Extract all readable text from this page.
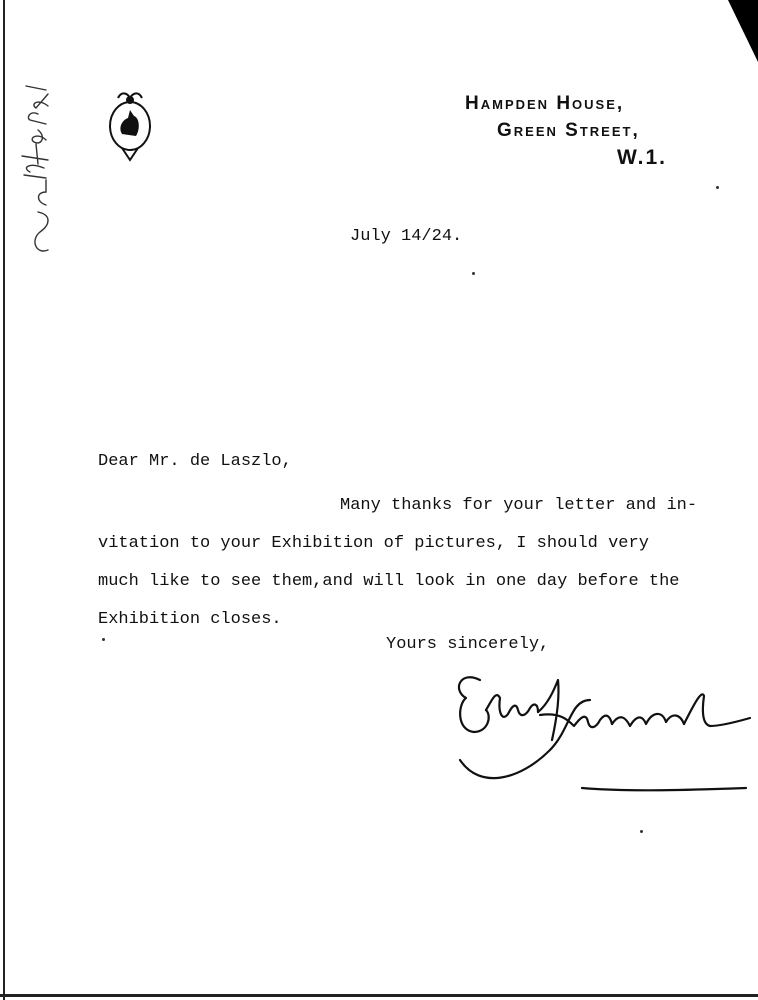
Hampden House,
Green Street,
W.1.
July 14/24.
Dear Mr. de Laszlo,
Many thanks for your letter and in-
vitation to your Exhibition of pictures, I should very
much like to see them,and will look in one day before the
Exhibition closes.
Yours sincerely,
